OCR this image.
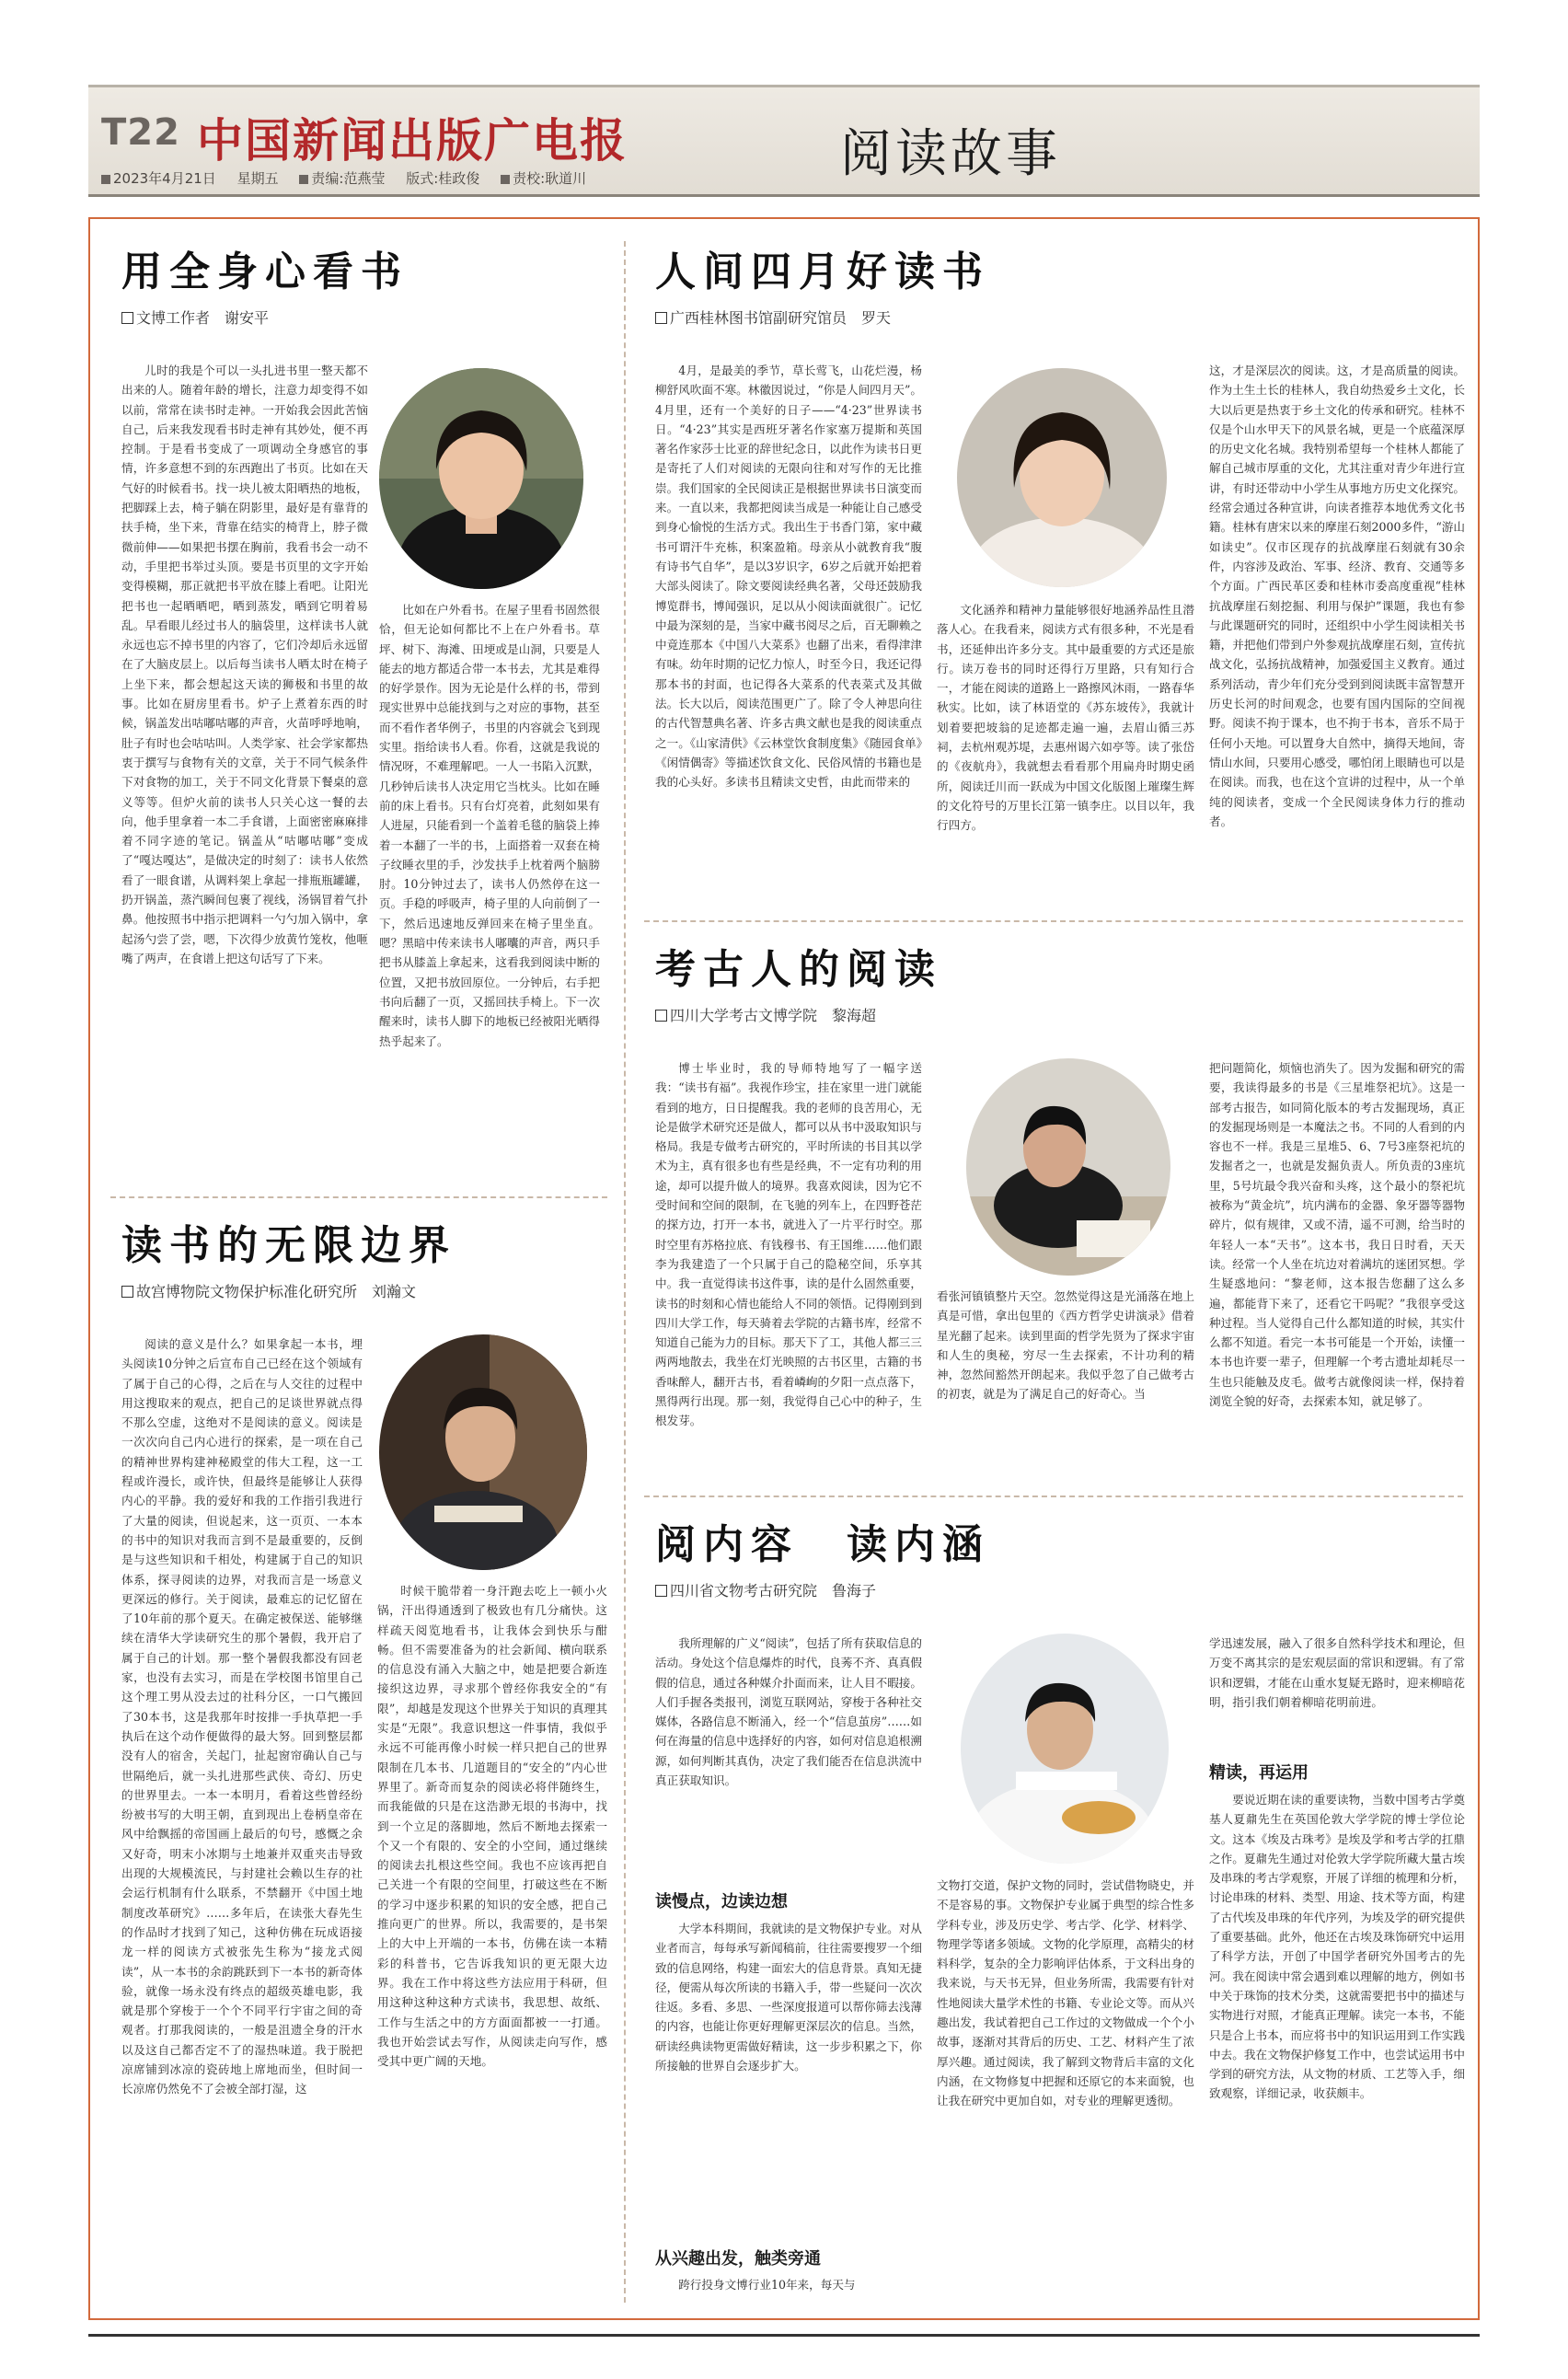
T22 中国新闻出版广电报
2023年4月21日 星期五 责编:范燕莹 版式:桂政俊 责校:耿道川	阅读故事
用全身心看书
文博工作者　谢安平
儿时的我是个可以一头扎进书里一整天都不出来的人。随着年龄的增长，注意力却变得不如以前，常常在读书时走神。一开始我会因此苦恼自己，后来我发现看书时走神有其妙处，便不再控制。于是看书变成了一项调动全身感官的事情，许多意想不到的东西跑出了书页。比如在天气好的时候看书。找一块儿被太阳晒热的地板，把脚踩上去，椅子躺在阴影里，最好是有靠背的扶手椅，坐下来，背靠在结实的椅背上，脖子微微前伸——如果把书摆在胸前，我看书会一动不动，手里把书举过头顶。要是书页里的文字开始变得模糊，那正就把书平放在膝上看吧。让阳光把书也一起晒晒吧，晒到蒸发，晒到它明着易乱。早看眼儿经过书人的脑袋里，这样读书人就永远也忘不掉书里的内容了，它们冷却后永远留在了大脑皮层上。以后每当读书人晒太时在椅子上坐下来，都会想起这天读的狮极和书里的故事。比如在厨房里看书。炉子上煮着东西的时候，锅盖发出咕嘟咕嘟的声音，火苗呼呼地响，肚子有时也会咕咕叫。人类学家、社会学家都热衷于撰写与食物有关的文章，关于不同气候条件下对食物的加工，关于不同文化背景下餐桌的意义等等。但炉火前的读书人只关心这一餐的去向，他手里拿着一本二手食谱，上面密密麻麻排着不同字迹的笔记。锅盖从“咕嘟咕嘟”变成了“嘎达嘎达”，是做决定的时刻了：读书人依然看了一眼食谱，从调料架上拿起一排瓶瓶罐罐，扔开锅盖，蒸汽瞬间包裹了视线，汤锅冒着气扑鼻。他按照书中指示把调料一勺勺加入锅中，拿起汤勺尝了尝，嗯，下次得少放黄竹笼枚，他咂嘴了两声，在食谱上把这句话写了下来。
比如在户外看书。在屋子里看书固然很恰，但无论如何都比不上在户外看书。草坪、树下、海滩、田埂或是山洞，只要是人能去的地方都适合带一本书去，尤其是难得的好学景作。因为无论是什么样的书，带到现实世界中总能找到与之对应的事物，甚至而不看作者华例子，书里的内容就会飞到现实里。指给读书人看。你看，这就是我说的情况呀，不难理解吧。一人一书陷入沉默，几秒钟后读书人决定用它当枕头。比如在睡前的床上看书。只有台灯亮着，此刻如果有人进屋，只能看到一个盖着毛毯的脑袋上捧着一本翻了一半的书，上面搭着一双套在椅子纹睡衣里的手，沙发扶手上枕着两个脑膀肘。10分钟过去了，读书人仍然停在这一页。手稳的呼吸声，椅子里的人向前倒了一下，然后迅速地反弹回来在椅子里坐直。嗯？黑暗中传来读书人嘟囔的声音，两只手把书从膝盖上拿起来，这看我到阅读中断的位置，又把书放回原位。一分钟后，右手把书向后翻了一页，又摇回扶手椅上。下一次醒来时，读书人脚下的地板已经被阳光晒得热乎起来了。
读书的无限边界
故宫博物院文物保护标准化研究所　刘瀚文
阅读的意义是什么？如果拿起一本书，埋头阅读10分钟之后宣布自己已经在这个领域有了属于自己的心得，之后在与人交往的过程中用这搜取来的观点，把自己的足谈世界就点得不那么空虚，这绝对不是阅读的意义。阅读是一次次向自己内心进行的探索，是一项在自己的精神世界构建神秘殿堂的伟大工程，这一工程或许漫长，或许快，但最终是能够让人获得内心的平静。我的爱好和我的工作指引我进行了大量的阅读，但说起来，这一页页、一本本的书中的知识对我而言到不是最重要的，反倒是与这些知识和千相处，构建属于自己的知识体系，探寻阅读的边界，对我而言是一场意义更深远的修行。关于阅读，最难忘的记忆留在了10年前的那个夏天。在确定被保送、能够继续在清华大学读研究生的那个暑假，我开启了属于自己的计划。那一整个暑假我都没有回老家，也没有去实习，而是在学校图书馆里自己这个理工男从没去过的社科分区，一口气搬回了30本书，这是我那年时按排一手执草把一手执后在这个动作便做得的最大努。回到整层都没有人的宿舍，关起门，扯起窗帘确认自己与世隔绝后，就一头扎进那些武侠、奇幻、历史的世界里去。一本一本明月，看着这些曾经纷纷被书写的大明王朝，直到现出上卷柄皇帝在风中给飘摇的帝国画上最后的句号，感慨之余又好奇，明末小冰期与土地兼并双重夹击导致出现的大规模流民，与封建社会赖以生存的社会运行机制有什么联系，不禁翻开《中国土地制度改革研究》……多年后，在读张大春先生的作品时才找到了知己，这种仿佛在玩成语接龙一样的阅读方式被张先生称为“接龙式阅读”，从一本书的余韵跳跃到下一本书的新奇体验，就像一场永没有终点的超级英雄电影，我就是那个穿梭于一个个不同平行宇宙之间的奇观者。打那我阅读的，一般是沮遗全身的汗水以及这自己都否定不了的湿热味道。我于脱把凉席铺到冰凉的瓷砖地上席地而坐，但时间一长凉席仍然免不了会被全部打湿，这
时候干脆带着一身汗跑去吃上一顿小火锅，汗出得通透到了极致也有几分痛快。这样疏天阅览地看书，让我体会到快乐与酣畅。但不需要准备为的社会新闻、横向联系的信息没有涌入大脑之中，她是把要合新连接织这边界，寻求那个曾经你我安全的“有限”，却越是发现这个世界关于知识的真理其实是“无限”。我意识想这一件事情，我似乎永远不可能再像小时候一样只把自己的世界限制在几本书、几道题目的“安全的”内心世界里了。新奇而复杂的阅读必将伴随终生，而我能做的只是在这浩渺无垠的书海中，找到一个立足的落脚地，然后不断地去探索一个又一个有限的、安全的小空间，通过继续的阅读去扎根这些空间。我也不应该再把自己关进一个有限的空间里，打破这些在不断的学习中逐步积累的知识的安全感，把自己推向更广的世界。所以，我需要的，是书架上的大中上开端的一本书，仿佛在读一本精彩的科普书，它告诉我知识的更无限大边界。我在工作中将这些方法应用于科研，但用这种这种这种方式读书，我思想、故纸、工作与生活之中的方方面面都被一一打通。我也开始尝试去写作，从阅读走向写作，感受其中更广阔的天地。
人间四月好读书
广西桂林图书馆副研究馆员　罗天
4月，是最美的季节，草长莺飞，山花烂漫，杨柳舒风吹面不寒。林徽因说过，“你是人间四月天”。4月里，还有一个美好的日子——“4·23”世界读书日。“4·23”其实是西班牙著名作家塞万提斯和英国著名作家莎士比亚的辞世纪念日，以此作为读书日更是寄托了人们对阅读的无限向往和对写作的无比推崇。我们国家的全民阅读正是根据世界读书日演变而来。一直以来，我都把阅读当成是一种能让自己感受到身心愉悦的生活方式。我出生于书香门第，家中藏书可谓汗牛充栋，积案盈箱。母亲从小就教育我“腹有诗书气自华”，是以3岁识字，6岁之后就开始把着大部头阅读了。除文要阅读经典名著，父母还鼓励我博览群书，博闻强识，足以从小阅读面就很广。记忆中最为深刻的是，当家中藏书阅尽之后，百无聊赖之中竟连那本《中国八大菜系》也翻了出来，看得津津有味。幼年时期的记忆力惊人，时至今日，我还记得那本书的封面，也记得各大菜系的代表菜式及其做法。长大以后，阅读范围更广了。除了令人神思向往的古代智慧典名著、许多古典文献也是我的阅读重点之一。《山家清供》《云林堂饮食制度集》《随园食单》《闲情偶寄》等描述饮食文化、民俗风情的书籍也是我的心头好。多读书且精读文史哲，由此而带来的
文化涵养和精神力量能够很好地涵养品性且潜落人心。在我看来，阅读方式有很多种，不光是看书，还延伸出许多分支。其中最重要的方式还是旅行。读万卷书的同时还得行万里路，只有知行合一，才能在阅读的道路上一路擦风沐雨，一路春华秋实。比如，读了林语堂的《苏东坡传》，我就计划着要把坡翁的足迹都走遍一遍，去眉山循三苏祠，去杭州观苏堤，去惠州谒六如亭等。读了张岱的《夜航舟》，我就想去看看那个用扁舟时期史函所，阅读迁川而一跃成为中国文化版图上璀璨生辉的文化符号的万里长江第一镇李庄。以目以年，我行四方。
这，才是深层次的阅读。这，才是高质量的阅读。作为土生土长的桂林人，我自幼热爱乡土文化，长大以后更是热衷于乡土文化的传承和研究。桂林不仅是个山水甲天下的风景名城，更是一个底蕴深厚的历史文化名城。我特别希望每一个桂林人都能了解自己城市厚重的文化，尤其注重对青少年进行宣讲，有时还带动中小学生从事地方历史文化探究。经常会通过各种宣讲，向读者推荐本地优秀文化书籍。桂林有唐宋以来的摩崖石刻2000多件，“游山如读史”。仅市区现存的抗战摩崖石刻就有30余件，内容涉及政治、军事、经济、教育、交通等多个方面。广西民革区委和桂林市委高度重视“桂林抗战摩崖石刻挖掘、利用与保护”课题，我也有参与此课题研究的同时，还组织中小学生阅读相关书籍，并把他们带到户外参观抗战摩崖石刻，宣传抗战文化，弘扬抗战精神，加强爱国主义教育。通过系列活动，青少年们充分受到到阅读既丰富智慧开历史长河的时间观念，也要有国内国际的空间视野。阅读不拘于课本，也不拘于书本，音乐不局于任何小天地。可以置身大自然中，摘得天地间，寄情山水间，只要用心感受，哪怕闭上眼睛也可以是在阅读。而我，也在这个宣讲的过程中，从一个单纯的阅读者，变成一个全民阅读身体力行的推动者。
考古人的阅读
四川大学考古文博学院　黎海超
博士毕业时，我的导师特地写了一幅字送我：“读书有福”。我视作珍宝，挂在家里一进门就能看到的地方，日日提醒我。我的老师的良苦用心，无论是做学术研究还是做人，都可以从书中汲取知识与格局。我是专做考古研究的，平时所读的书目其以学术为主，真有很多也有些是经典，不一定有功利的用途，却可以提升做人的境界。我喜欢阅读，因为它不受时间和空间的限制，在飞驰的列车上，在四野苍茫的探方边，打开一本书，就进入了一片平行时空。那时空里有苏格拉底、有钱穆书、有王国维……他们跟李为我建造了一个只属于自己的隐秘空间，乐享其中。我一直觉得读书这件事，读的是什么固然重要，读书的时刻和心情也能给人不同的领悟。记得刚到到四川大学工作，每天骑着去学院的古籍书库，经常不知道自己能为力的目标。那天下了工，其他人都三三两两地散去，我坐在灯光映照的古书区里，古籍的书香味醉人，翻开古书，看着嶙峋的夕阳一点点落下，黑得两行出现。那一刻，我觉得自己心中的种子，生根发芽。
看张河镇镇整片天空。忽然觉得这是光涌落在地上真是可惜，拿出包里的《西方哲学史讲演录》借着星光翻了起来。读到里面的哲学先贤为了探求宇宙和人生的奥秘，穷尽一生去探索，不计功利的精神，忽然间豁然开朗起来。我似乎忽了自己做考古的初衷，就是为了满足自己的好奇心。当
把问题简化，烦恼也消失了。因为发掘和研究的需要，我读得最多的书是《三星堆祭祀坑》。这是一部考古报告，如同简化版本的考古发掘现场，真正的发掘现场则是一本魔法之书。不同的人看到的内容也不一样。我是三星堆5、6、7号3座祭祀坑的发掘者之一，也就是发掘负责人。所负责的3座坑里，5号坑最令我兴奋和头疼，这个最小的祭祀坑被称为“黄金坑”，坑内满布的金器、象牙器等器物碎片，似有规律，又或不清，遥不可测，给当时的年轻人一本“天书”。这本书，我日日时看，天天读。经常一个人坐在坑边对着满坑的迷团冥想。学生疑惑地问：“黎老师，这本报告您翻了这么多遍，都能背下来了，还看它干吗呢？”我很享受这种过程。当人觉得自己什么都知道的时候，其实什么都不知道。看完一本书可能是一个开始，读懂一本书也许要一辈子，但理解一个考古遗址却耗尽一生也只能触及皮毛。做考古就像阅读一样，保持着浏览全貌的好奇，去探索本知，就足够了。
阅内容　读内涵
四川省文物考古研究院　鲁海子
我所理解的广义“阅读”，包括了所有获取信息的活动。身处这个信息爆炸的时代，良莠不齐、真真假假的信息，通过各种媒介扑面而来，让人目不暇接。人们手握各类报刊，浏览互联网站，穿梭于各种社交媒体，各路信息不断涌入，经一个“信息茧房”……如何在海量的信息中选择好的内容，如何对信息追根溯源，如何判断其真伪，决定了我们能否在信息洪流中真正获取知识。
读慢点，边读边想
大学本科期间，我就读的是文物保护专业。对从业者而言，每每承写新闻稿前，往往需要搜罗一个细致的信息网络，构建一面宏大的信息背景。真知无捷径，便需从每次所读的书籍入手，带一些疑问一次次往返。多看、多思、一些深度报道可以帮你筛去浅薄的内容，也能让你更好理解更深层次的信息。当然，研读经典读物更需做好精读，这一步步积累之下，你所接触的世界自会逐步扩大。
从兴趣出发，触类旁通
跨行投身文博行业10年来，每天与
文物打交道，保护文物的同时，尝试借物晓史，并不是容易的事。文物保护专业属于典型的综合性多学科专业，涉及历史学、考古学、化学、材料学、物理学等诸多领域。文物的化学原理，高精尖的材料科学，复杂的全力影响评估体系，于文科出身的我来说，与天书无异，但业务所需，我需要有针对性地阅读大量学术性的书籍、专业论文等。而从兴趣出发，我试着把自己工作过的文物做成一个个小故事，逐渐对其背后的历史、工艺、材料产生了浓厚兴趣。通过阅读，我了解到文物背后丰富的文化内涵，在文物修复中把握和还原它的本来面貌，也让我在研究中更加自如，对专业的理解更透彻。
学迅速发展，融入了很多自然科学技术和理论，但万变不离其宗的是宏观层面的常识和逻辑。有了常识和逻辑，才能在山重水复疑无路时，迎来柳暗花明，指引我们朝着柳暗花明前进。
精读，再运用
要说近期在读的重要读物，当数中国考古学奠基人夏鼐先生在英国伦敦大学学院的博士学位论文。这本《埃及古珠考》是埃及学和考古学的扛鼎之作。夏鼐先生通过对伦敦大学学院所藏大量古埃及串珠的考古学观察，开展了详细的梳理和分析，讨论串珠的材料、类型、用途、技术等方面，构建了古代埃及串珠的年代序列，为埃及学的研究提供了重要基础。此外，他还在古埃及珠饰研究中运用了科学方法，开创了中国学者研究外国考古的先河。我在阅读中常会遇到难以理解的地方，例如书中关于珠饰的技术分类，这就需要把书中的描述与实物进行对照，才能真正理解。读完一本书，不能只是合上书本，而应将书中的知识运用到工作实践中去。我在文物保护修复工作中，也尝试运用书中学到的研究方法，从文物的材质、工艺等入手，细致观察，详细记录，收获颇丰。
